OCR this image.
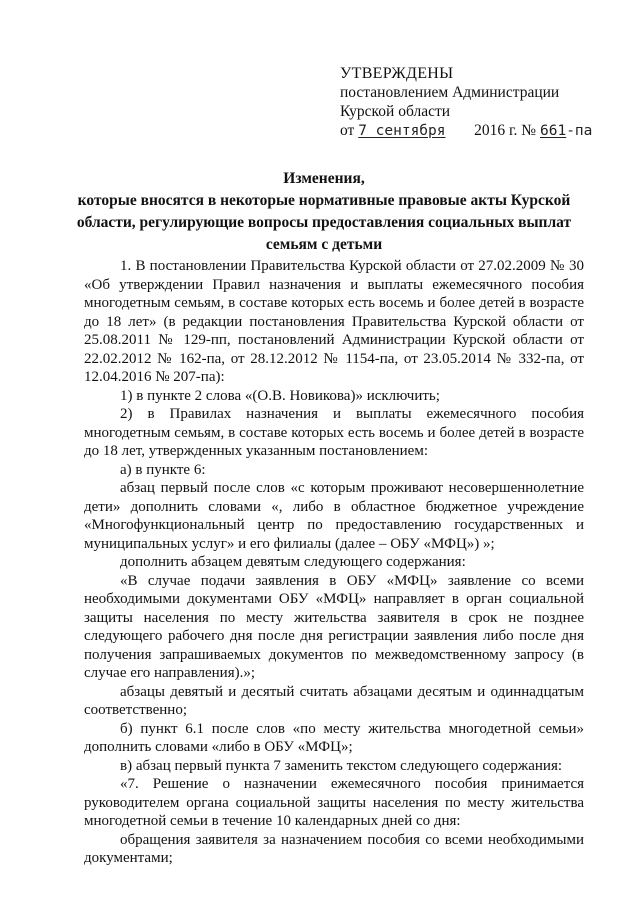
УТВЕРЖДЕНЫ
постановлением Администрации
Курской области
от 7 сентября 2016 г. № 661-па
Изменения,
которые вносятся в некоторые нормативные правовые акты Курской
области, регулирующие вопросы предоставления социальных выплат
семьям с детьми

1. В постановлении Правительства Курской области от 27.02.2009 № 30 «Об утверждении Правил назначения и выплаты ежемесячного пособия многодетным семьям, в составе которых есть восемь и более детей в возрасте до 18 лет» (в редакции постановления Правительства Курской области от 25.08.2011 № 129-пп, постановлений Администрации Курской области от 22.02.2012 № 162-па, от 28.12.2012 № 1154-па, от 23.05.2014 № 332-па, от 12.04.2016 № 207-па):

1) в пункте 2 слова «(О.В. Новикова)» исключить;

2) в Правилах назначения и выплаты ежемесячного пособия многодетным семьям, в составе которых есть восемь и более детей в возрасте до 18 лет, утвержденных указанным постановлением:

а) в пункте 6:

абзац первый после слов «с которым проживают несовершеннолетние дети» дополнить словами «, либо в областное бюджетное учреждение «Многофункциональный центр по предоставлению государственных и муниципальных услуг» и его филиалы (далее – ОБУ «МФЦ») »;

дополнить абзацем девятым следующего содержания:

«В случае подачи заявления в ОБУ «МФЦ» заявление со всеми необходимыми документами ОБУ «МФЦ» направляет в орган социальной защиты населения по месту жительства заявителя в срок не позднее следующего рабочего дня после дня регистрации заявления либо после дня получения запрашиваемых документов по межведомственному запросу (в случае его направления).»;

абзацы девятый и десятый считать абзацами десятым и одиннадцатым соответственно;

б) пункт 6.1 после слов «по месту жительства многодетной семьи» дополнить словами «либо в ОБУ «МФЦ»;

в) абзац первый пункта 7 заменить текстом следующего содержания:

«7. Решение о назначении ежемесячного пособия принимается руководителем органа социальной защиты населения по месту жительства многодетной семьи в течение 10 календарных дней со дня:

обращения заявителя за назначением пособия со всеми необходимыми документами;
